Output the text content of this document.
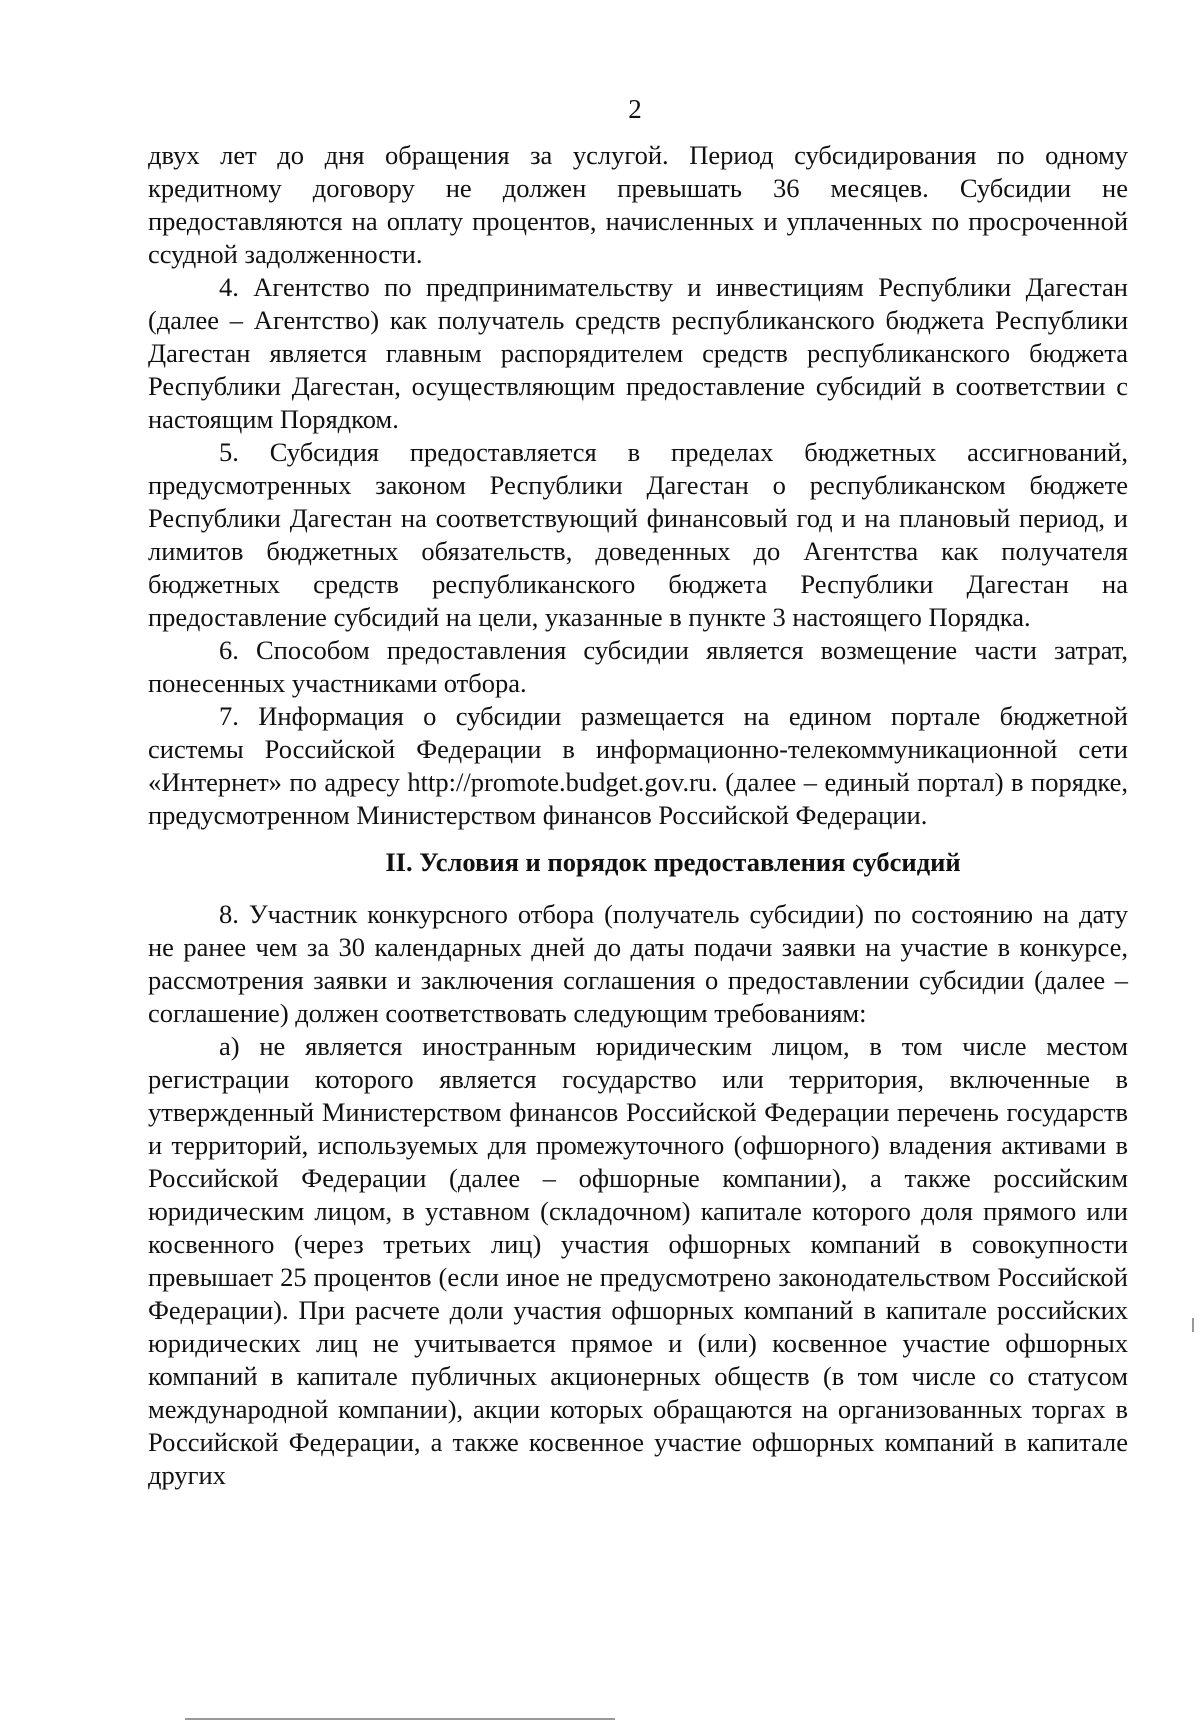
2

двух лет до дня обращения за услугой. Период субсидирования по одному кредитному договору не должен превышать 36 месяцев. Субсидии не предоставляются на оплату процентов, начисленных и уплаченных по просроченной ссудной задолженности.

4. Агентство по предпринимательству и инвестициям Республики Дагестан (далее – Агентство) как получатель средств республиканского бюджета Республики Дагестан является главным распорядителем средств республиканского бюджета Республики Дагестан, осуществляющим предоставление субсидий в соответствии с настоящим Порядком.

5. Субсидия предоставляется в пределах бюджетных ассигнований, предусмотренных законом Республики Дагестан о республиканском бюджете Республики Дагестан на соответствующий финансовый год и на плановый период, и лимитов бюджетных обязательств, доведенных до Агентства как получателя бюджетных средств республиканского бюджета Республики Дагестан на предоставление субсидий на цели, указанные в пункте 3 настоящего Порядка.

6. Способом предоставления субсидии является возмещение части затрат, понесенных участниками отбора.

7. Информация о субсидии размещается на едином портале бюджетной системы Российской Федерации в информационно-телекоммуникационной сети «Интернет» по адресу http://promote.budget.gov.ru. (далее – единый портал) в порядке, предусмотренном Министерством финансов Российской Федерации.

II. Условия и порядок предоставления субсидий

8. Участник конкурсного отбора (получатель субсидии) по состоянию на дату не ранее чем за 30 календарных дней до даты подачи заявки на участие в конкурсе, рассмотрения заявки и заключения соглашения о предоставлении субсидии (далее – соглашение) должен соответствовать следующим требованиям:

а) не является иностранным юридическим лицом, в том числе местом регистрации которого является государство или территория, включенные в утвержденный Министерством финансов Российской Федерации перечень государств и территорий, используемых для промежуточного (офшорного) владения активами в Российской Федерации (далее – офшорные компании), а также российским юридическим лицом, в уставном (складочном) капитале которого доля прямого или косвенного (через третьих лиц) участия офшорных компаний в совокупности превышает 25 процентов (если иное не предусмотрено законодательством Российской Федерации). При расчете доли участия офшорных компаний в капитале российских юридических лиц не учитывается прямое и (или) косвенное участие офшорных компаний в капитале публичных акционерных обществ (в том числе со статусом международной компании), акции которых обращаются на организованных торгах в Российской Федерации, а также косвенное участие офшорных компаний в капитале других
